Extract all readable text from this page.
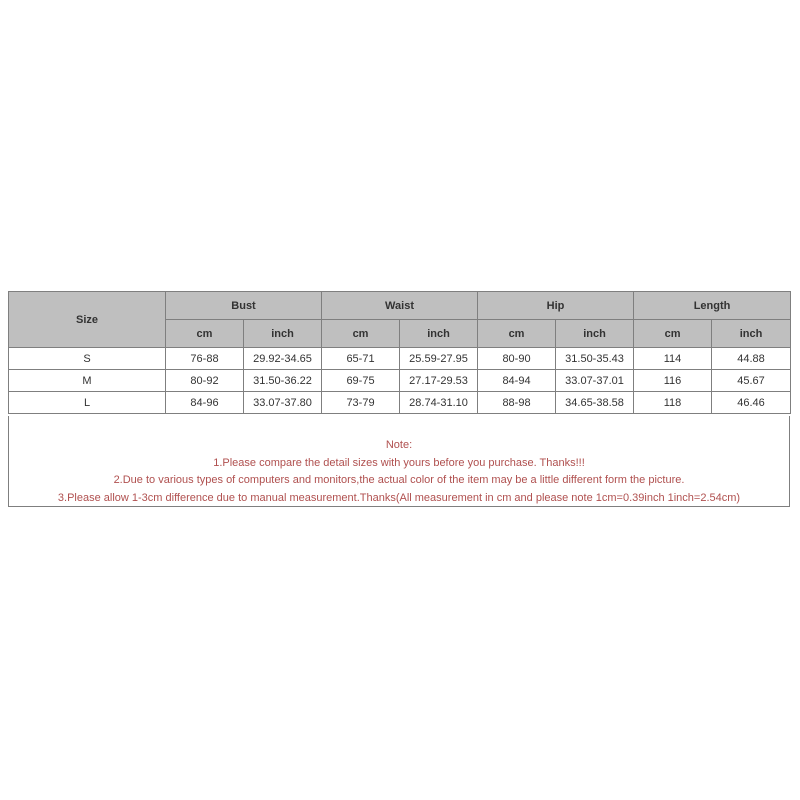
Size	Bust		Waist		Hip		Length	
	cm	inch	cm	inch	cm	inch	cm	inch
S	76-88	29.92-34.65	65-71	25.59-27.95	80-90	31.50-35.43	114	44.88
M	80-92	31.50-36.22	69-75	27.17-29.53	84-94	33.07-37.01	116	45.67
L	84-96	33.07-37.80	73-79	28.74-31.10	88-98	34.65-38.58	118	46.46
Note:
1.Please compare the detail sizes with yours before you purchase. Thanks!!!
2.Due to various types of computers and monitors,the actual color of the item may be a little different form the picture.
3.Please allow 1-3cm difference due to manual measurement.Thanks(All measurement in cm and please note 1cm=0.39inch 1inch=2.54cm)
